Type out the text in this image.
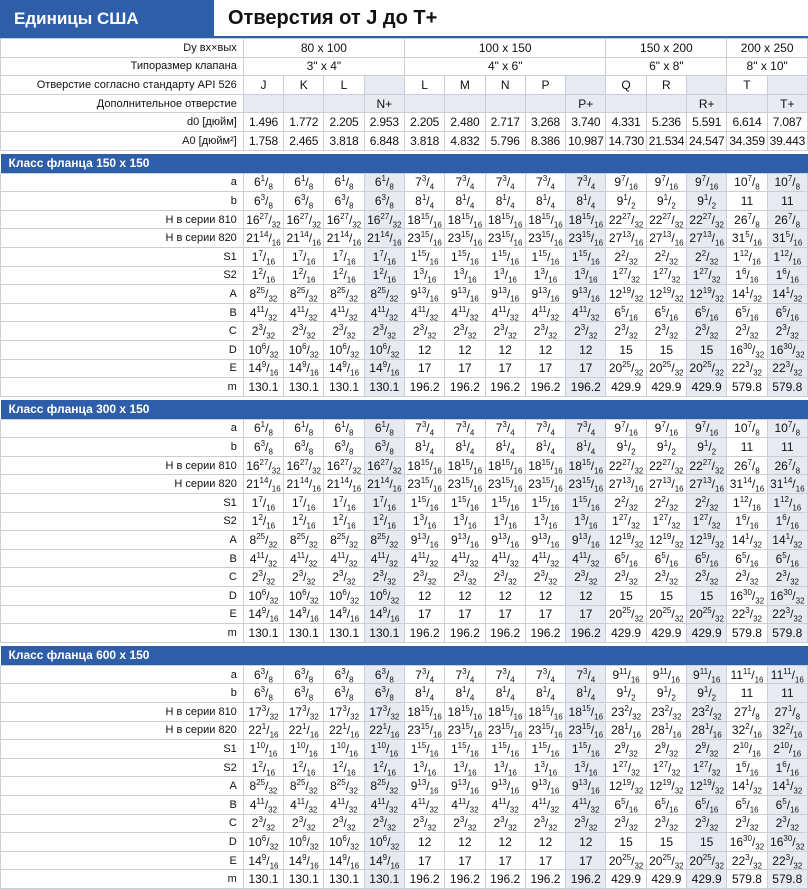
Единицы США	Отверстия от J до T+
Dy вх×вых	80 x 100				100 x 150					150 x 200			200 x 250	
Типоразмер клапана	3" x 4"				4" x 6"					6" x 8"			8" x 10"	
Отверстие согласно стандарту API 526	J	K	L		L	M	N	P		Q	R		T	
Дополнительное отверстие				N+					P+			R+		T+
d0 [дюйм]	1.496	1.772	2.205	2.953	2.205	2.480	2.717	3.268	3.740	4.331	5.236	5.591	6.614	7.087
A0 [дюйм²]	1.758	2.465	3.818	6.848	3.818	4.832	5.796	8.386	10.987	14.730	21.534	24.547	34.359	39.443

Класс фланца 150 x 150														
a	$6^1/_8$	$6^1/_8$	$6^1/_8$	$6^1/_8$	$7^3/_4$	$7^3/_4$	$7^3/_4$	$7^3/_4$	$7^3/_4$	$9^7/_{16}$	$9^7/_{16}$	$9^7/_{16}$	$10^7/_8$	$10^7/_8$
b	$6^3/_8$	$6^3/_8$	$6^3/_8$	$6^3/_8$	$8^1/_4$	$8^1/_4$	$8^1/_4$	$8^1/_4$	$8^1/_4$	$9^1/_2$	$9^1/_2$	$9^1/_2$	11	11
H в серии 810	$16^{27}/_{32}$	$16^{27}/_{32}$	$16^{27}/_{32}$	$16^{27}/_{32}$	$18^{15}/_{16}$	$18^{15}/_{16}$	$18^{15}/_{16}$	$18^{15}/_{16}$	$18^{15}/_{16}$	$22^{27}/_{32}$	$22^{27}/_{32}$	$22^{27}/_{32}$	$26^7/_8$	$26^7/_8$
H в серии 820	$21^{14}/_{16}$	$21^{14}/_{16}$	$21^{14}/_{16}$	$21^{14}/_{16}$	$23^{15}/_{16}$	$23^{15}/_{16}$	$23^{15}/_{16}$	$23^{15}/_{16}$	$23^{15}/_{16}$	$27^{13}/_{16}$	$27^{13}/_{16}$	$27^{13}/_{16}$	$31^5/_{16}$	$31^5/_{16}$
S1	$1^7/_{16}$	$1^7/_{16}$	$1^7/_{16}$	$1^7/_{16}$	$1^{15}/_{16}$	$1^{15}/_{16}$	$1^{15}/_{16}$	$1^{15}/_{16}$	$1^{15}/_{16}$	$2^2/_{32}$	$2^2/_{32}$	$2^2/_{32}$	$1^{12}/_{16}$	$1^{12}/_{16}$
S2	$1^2/_{16}$	$1^2/_{16}$	$1^2/_{16}$	$1^2/_{16}$	$1^3/_{16}$	$1^3/_{16}$	$1^3/_{16}$	$1^3/_{16}$	$1^3/_{16}$	$1^{27}/_{32}$	$1^{27}/_{32}$	$1^{27}/_{32}$	$1^6/_{16}$	$1^6/_{16}$
A	$8^{25}/_{32}$	$8^{25}/_{32}$	$8^{25}/_{32}$	$8^{25}/_{32}$	$9^{13}/_{16}$	$9^{13}/_{16}$	$9^{13}/_{16}$	$9^{13}/_{16}$	$9^{13}/_{16}$	$12^{19}/_{32}$	$12^{19}/_{32}$	$12^{19}/_{32}$	$14^1/_{32}$	$14^1/_{32}$
B	$4^{11}/_{32}$	$4^{11}/_{32}$	$4^{11}/_{32}$	$4^{11}/_{32}$	$4^{11}/_{32}$	$4^{11}/_{32}$	$4^{11}/_{32}$	$4^{11}/_{32}$	$4^{11}/_{32}$	$6^5/_{16}$	$6^5/_{16}$	$6^5/_{16}$	$6^5/_{16}$	$6^5/_{16}$
C	$2^3/_{32}$	$2^3/_{32}$	$2^3/_{32}$	$2^3/_{32}$	$2^3/_{32}$	$2^3/_{32}$	$2^3/_{32}$	$2^3/_{32}$	$2^3/_{32}$	$2^3/_{32}$	$2^3/_{32}$	$2^3/_{32}$	$2^3/_{32}$	$2^3/_{32}$
D	$10^6/_{32}$	$10^6/_{32}$	$10^6/_{32}$	$10^6/_{32}$	12	12	12	12	12	15	15	15	$16^{30}/_{32}$	$16^{30}/_{32}$
E	$14^9/_{16}$	$14^9/_{16}$	$14^9/_{16}$	$14^9/_{16}$	17	17	17	17	17	$20^{25}/_{32}$	$20^{25}/_{32}$	$20^{25}/_{32}$	$22^3/_{32}$	$22^3/_{32}$
m	130.1	130.1	130.1	130.1	196.2	196.2	196.2	196.2	196.2	429.9	429.9	429.9	579.8	579.8

Класс фланца 300 x 150														
a	$6^1/_8$	$6^1/_8$	$6^1/_8$	$6^1/_8$	$7^3/_4$	$7^3/_4$	$7^3/_4$	$7^3/_4$	$7^3/_4$	$9^7/_{16}$	$9^7/_{16}$	$9^7/_{16}$	$10^7/_8$	$10^7/_8$
b	$6^3/_8$	$6^3/_8$	$6^3/_8$	$6^3/_8$	$8^1/_4$	$8^1/_4$	$8^1/_4$	$8^1/_4$	$8^1/_4$	$9^1/_2$	$9^1/_2$	$9^1/_2$	11	11
H в серии 810	$16^{27}/_{32}$	$16^{27}/_{32}$	$16^{27}/_{32}$	$16^{27}/_{32}$	$18^{15}/_{16}$	$18^{15}/_{16}$	$18^{15}/_{16}$	$18^{15}/_{16}$	$18^{15}/_{16}$	$22^{27}/_{32}$	$22^{27}/_{32}$	$22^{27}/_{32}$	$26^7/_8$	$26^7/_8$
H серии 820	$21^{14}/_{16}$	$21^{14}/_{16}$	$21^{14}/_{16}$	$21^{14}/_{16}$	$23^{15}/_{16}$	$23^{15}/_{16}$	$23^{15}/_{16}$	$23^{15}/_{16}$	$23^{15}/_{16}$	$27^{13}/_{16}$	$27^{13}/_{16}$	$27^{13}/_{16}$	$31^{14}/_{16}$	$31^{14}/_{16}$
S1	$1^7/_{16}$	$1^7/_{16}$	$1^7/_{16}$	$1^7/_{16}$	$1^{15}/_{16}$	$1^{15}/_{16}$	$1^{15}/_{16}$	$1^{15}/_{16}$	$1^{15}/_{16}$	$2^2/_{32}$	$2^2/_{32}$	$2^2/_{32}$	$1^{12}/_{16}$	$1^{12}/_{16}$
S2	$1^2/_{16}$	$1^2/_{16}$	$1^2/_{16}$	$1^2/_{16}$	$1^3/_{16}$	$1^3/_{16}$	$1^3/_{16}$	$1^3/_{16}$	$1^3/_{16}$	$1^{27}/_{32}$	$1^{27}/_{32}$	$1^{27}/_{32}$	$1^6/_{16}$	$1^6/_{16}$
A	$8^{25}/_{32}$	$8^{25}/_{32}$	$8^{25}/_{32}$	$8^{25}/_{32}$	$9^{13}/_{16}$	$9^{13}/_{16}$	$9^{13}/_{16}$	$9^{13}/_{16}$	$9^{13}/_{16}$	$12^{19}/_{32}$	$12^{19}/_{32}$	$12^{19}/_{32}$	$14^1/_{32}$	$14^1/_{32}$
B	$4^{11}/_{32}$	$4^{11}/_{32}$	$4^{11}/_{32}$	$4^{11}/_{32}$	$4^{11}/_{32}$	$4^{11}/_{32}$	$4^{11}/_{32}$	$4^{11}/_{32}$	$4^{11}/_{32}$	$6^5/_{16}$	$6^5/_{16}$	$6^5/_{16}$	$6^5/_{16}$	$6^5/_{16}$
C	$2^3/_{32}$	$2^3/_{32}$	$2^3/_{32}$	$2^3/_{32}$	$2^3/_{32}$	$2^3/_{32}$	$2^3/_{32}$	$2^3/_{32}$	$2^3/_{32}$	$2^3/_{32}$	$2^3/_{32}$	$2^3/_{32}$	$2^3/_{32}$	$2^3/_{32}$
D	$10^6/_{32}$	$10^6/_{32}$	$10^6/_{32}$	$10^6/_{32}$	12	12	12	12	12	15	15	15	$16^{30}/_{32}$	$16^{30}/_{32}$
E	$14^9/_{16}$	$14^9/_{16}$	$14^9/_{16}$	$14^9/_{16}$	17	17	17	17	17	$20^{25}/_{32}$	$20^{25}/_{32}$	$20^{25}/_{32}$	$22^3/_{32}$	$22^3/_{32}$
m	130.1	130.1	130.1	130.1	196.2	196.2	196.2	196.2	196.2	429.9	429.9	429.9	579.8	579.8

Класс фланца 600 x 150														
a	$6^3/_8$	$6^3/_8$	$6^3/_8$	$6^3/_8$	$7^3/_4$	$7^3/_4$	$7^3/_4$	$7^3/_4$	$7^3/_4$	$9^{11}/_{16}$	$9^{11}/_{16}$	$9^{11}/_{16}$	$11^{11}/_{16}$	$11^{11}/_{16}$
b	$6^3/_8$	$6^3/_8$	$6^3/_8$	$6^3/_8$	$8^1/_4$	$8^1/_4$	$8^1/_4$	$8^1/_4$	$8^1/_4$	$9^1/_2$	$9^1/_2$	$9^1/_2$	11	11
H в серии 810	$17^3/_{32}$	$17^3/_{32}$	$17^3/_{32}$	$17^3/_{32}$	$18^{15}/_{16}$	$18^{15}/_{16}$	$18^{15}/_{16}$	$18^{15}/_{16}$	$18^{15}/_{16}$	$23^2/_{32}$	$23^2/_{32}$	$23^2/_{32}$	$27^1/_8$	$27^1/_8$
H в серии 820	$22^1/_{16}$	$22^1/_{16}$	$22^1/_{16}$	$22^1/_{16}$	$23^{15}/_{16}$	$23^{15}/_{16}$	$23^{15}/_{16}$	$23^{15}/_{16}$	$23^{15}/_{16}$	$28^1/_{16}$	$28^1/_{16}$	$28^1/_{16}$	$32^2/_{16}$	$32^2/_{16}$
S1	$1^{10}/_{16}$	$1^{10}/_{16}$	$1^{10}/_{16}$	$1^{10}/_{16}$	$1^{15}/_{16}$	$1^{15}/_{16}$	$1^{15}/_{16}$	$1^{15}/_{16}$	$1^{15}/_{16}$	$2^9/_{32}$	$2^9/_{32}$	$2^9/_{32}$	$2^{10}/_{16}$	$2^{10}/_{16}$
S2	$1^2/_{16}$	$1^2/_{16}$	$1^2/_{16}$	$1^2/_{16}$	$1^3/_{16}$	$1^3/_{16}$	$1^3/_{16}$	$1^3/_{16}$	$1^3/_{16}$	$1^{27}/_{32}$	$1^{27}/_{32}$	$1^{27}/_{32}$	$1^6/_{16}$	$1^6/_{16}$
A	$8^{25}/_{32}$	$8^{25}/_{32}$	$8^{25}/_{32}$	$8^{25}/_{32}$	$9^{13}/_{16}$	$9^{13}/_{16}$	$9^{13}/_{16}$	$9^{13}/_{16}$	$9^{13}/_{16}$	$12^{19}/_{32}$	$12^{19}/_{32}$	$12^{19}/_{32}$	$14^1/_{32}$	$14^1/_{32}$
B	$4^{11}/_{32}$	$4^{11}/_{32}$	$4^{11}/_{32}$	$4^{11}/_{32}$	$4^{11}/_{32}$	$4^{11}/_{32}$	$4^{11}/_{32}$	$4^{11}/_{32}$	$4^{11}/_{32}$	$6^5/_{16}$	$6^5/_{16}$	$6^5/_{16}$	$6^5/_{16}$	$6^5/_{16}$
C	$2^3/_{32}$	$2^3/_{32}$	$2^3/_{32}$	$2^3/_{32}$	$2^3/_{32}$	$2^3/_{32}$	$2^3/_{32}$	$2^3/_{32}$	$2^3/_{32}$	$2^3/_{32}$	$2^3/_{32}$	$2^3/_{32}$	$2^3/_{32}$	$2^3/_{32}$
D	$10^6/_{32}$	$10^6/_{32}$	$10^6/_{32}$	$10^6/_{32}$	12	12	12	12	12	15	15	15	$16^{30}/_{32}$	$16^{30}/_{32}$
E	$14^9/_{16}$	$14^9/_{16}$	$14^9/_{16}$	$14^9/_{16}$	17	17	17	17	17	$20^{25}/_{32}$	$20^{25}/_{32}$	$20^{25}/_{32}$	$22^3/_{32}$	$22^3/_{32}$
m	130.1	130.1	130.1	130.1	196.2	196.2	196.2	196.2	196.2	429.9	429.9	429.9	579.8	579.8
